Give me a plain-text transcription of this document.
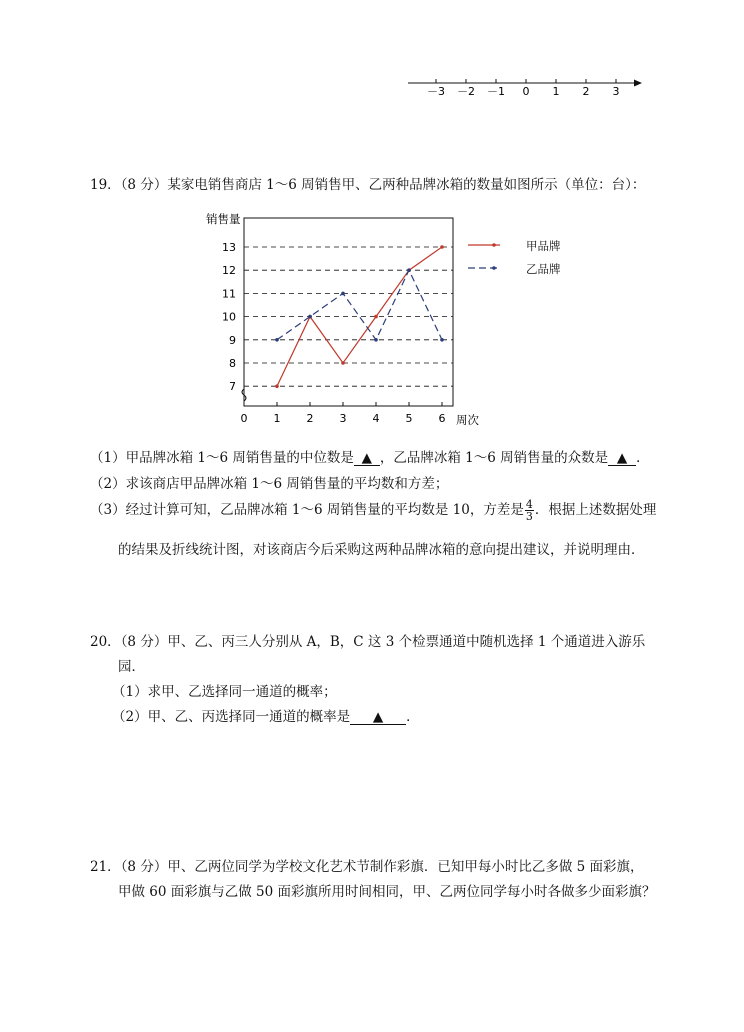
－3 －2 －1 0 1 2 3
19．（8 分）某家电销售商店 1～6 周销售甲、乙两种品牌冰箱的数量如图所示（单位：台）：
销售量
7
8
9
10
11
12
13
0 1 2 3 4 5 6 周次
（1）甲品牌冰箱 1～6 周销售量的中位数是 ▲ ，乙品牌冰箱 1～6 周销售量的众数是 ▲ ．
（2）求该商店甲品牌冰箱 1～6 周销售量的平均数和方差；
（3）经过计算可知，乙品牌冰箱 1～6 周销售量的平均数是 10，方差是 $\frac{4}{3}$ ．根据上述数据处理
的结果及折线统计图，对该商店今后采购这两种品牌冰箱的意向提出建议，并说明理由．
20．（8 分）甲、乙、丙三人分别从 A，B，C 这 3 个检票通道中随机选择 1 个通道进入游乐
园．
（1）求甲、乙选择同一通道的概率；
（2）甲、乙、丙选择同一通道的概率是 ▲ ．
21．（8 分）甲、乙两位同学为学校文化艺术节制作彩旗．已知甲每小时比乙多做 5 面彩旗，
甲做 60 面彩旗与乙做 50 面彩旗所用时间相同，甲、乙两位同学每小时各做多少面彩旗？
甲品牌
乙品牌
